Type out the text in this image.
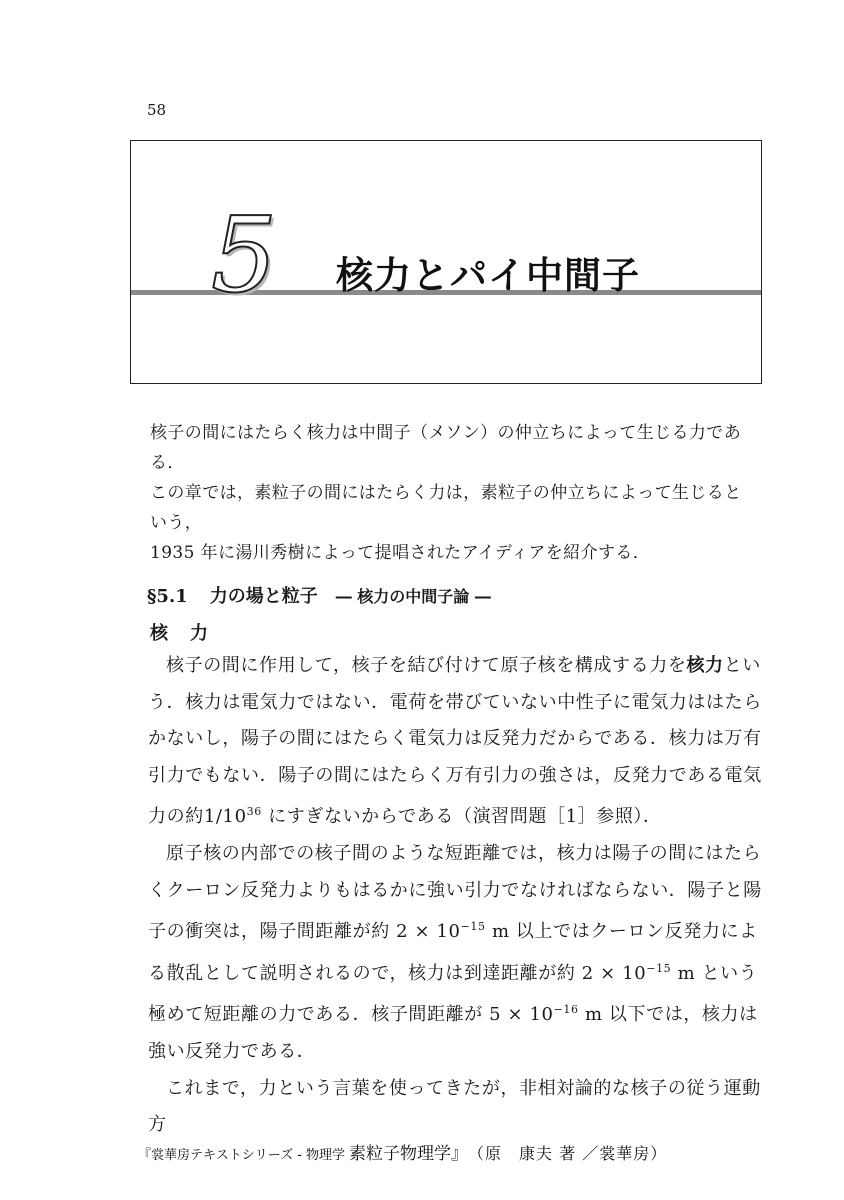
58
5 核力とパイ中間子

核子の間にはたらく核力は中間子（メソン）の仲立ちによって生じる力である．

この章では，素粒子の間にはたらく力は，素粒子の仲立ちによって生じるという，

1935 年に湯川秀樹によって提唱されたアイディアを紹介する．

§5.1 力の場と粒子 ― 核力の中間子論 ―
核力

核子の間に作用して，核子を結び付けて原子核を構成する力を核力という．核力は電気力ではない．電荷を帯びていない中性子に電気力ははたらかないし，陽子の間にはたらく電気力は反発力だからである．核力は万有引力でもない．陽子の間にはたらく万有引力の強さは，反発力である電気力の約$1/10^{36}$ にすぎないからである（演習問題［1］参照）．

原子核の内部での核子間のような短距離では，核力は陽子の間にはたらくクーロン反発力よりもはるかに強い引力でなければならない．陽子と陽子の衝突は，陽子間距離が約 $2 \times 10^{-15}$ m 以上ではクーロン反発力による散乱として説明されるので，核力は到達距離が約 $2 \times 10^{-15}$ m という極めて短距離の力である．核子間距離が $5 \times 10^{-16}$ m 以下では，核力は強い反発力である．

これまで，力という言葉を使ってきたが，非相対論的な核子の従う運動方

『裳華房テキストシリーズ - 物理学 素粒子物理学』 （原　康夫 著 ／裳華房）
